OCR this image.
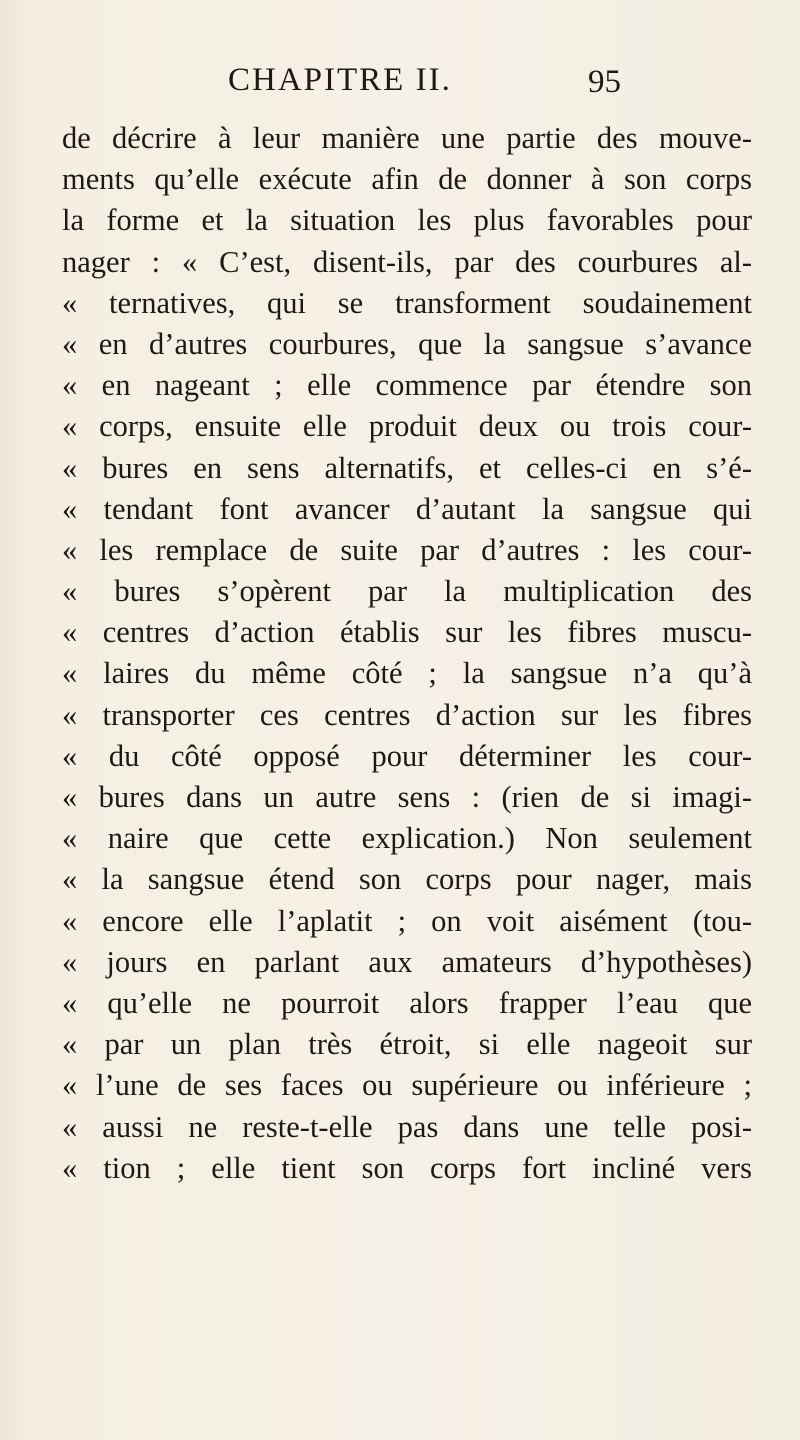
CHAPITRE II.	95
de décrire à leur manière une partie des mouve-
ments qu’elle exécute afin de donner à son corps
la forme et la situation les plus favorables pour
nager : « C’est, disent-ils, par des courbures al-
« ternatives, qui se transforment soudainement
« en d’autres courbures, que la sangsue s’avance
« en nageant ; elle commence par étendre son
« corps, ensuite elle produit deux ou trois cour-
« bures en sens alternatifs, et celles-ci en s’é-
« tendant font avancer d’autant la sangsue qui
« les remplace de suite par d’autres : les cour-
« bures s’opèrent par la multiplication des
« centres d’action établis sur les fibres muscu-
« laires du même côté ; la sangsue n’a qu’à
« transporter ces centres d’action sur les fibres
« du côté opposé pour déterminer les cour-
« bures dans un autre sens : (rien de si imagi-
« naire que cette explication.) Non seulement
« la sangsue étend son corps pour nager, mais
« encore elle l’aplatit ; on voit aisément (tou-
« jours en parlant aux amateurs d’hypothèses)
« qu’elle ne pourroit alors frapper l’eau que
« par un plan très étroit, si elle nageoit sur
« l’une de ses faces ou supérieure ou inférieure ;
« aussi ne reste-t-elle pas dans une telle posi-
« tion ; elle tient son corps fort incliné vers
